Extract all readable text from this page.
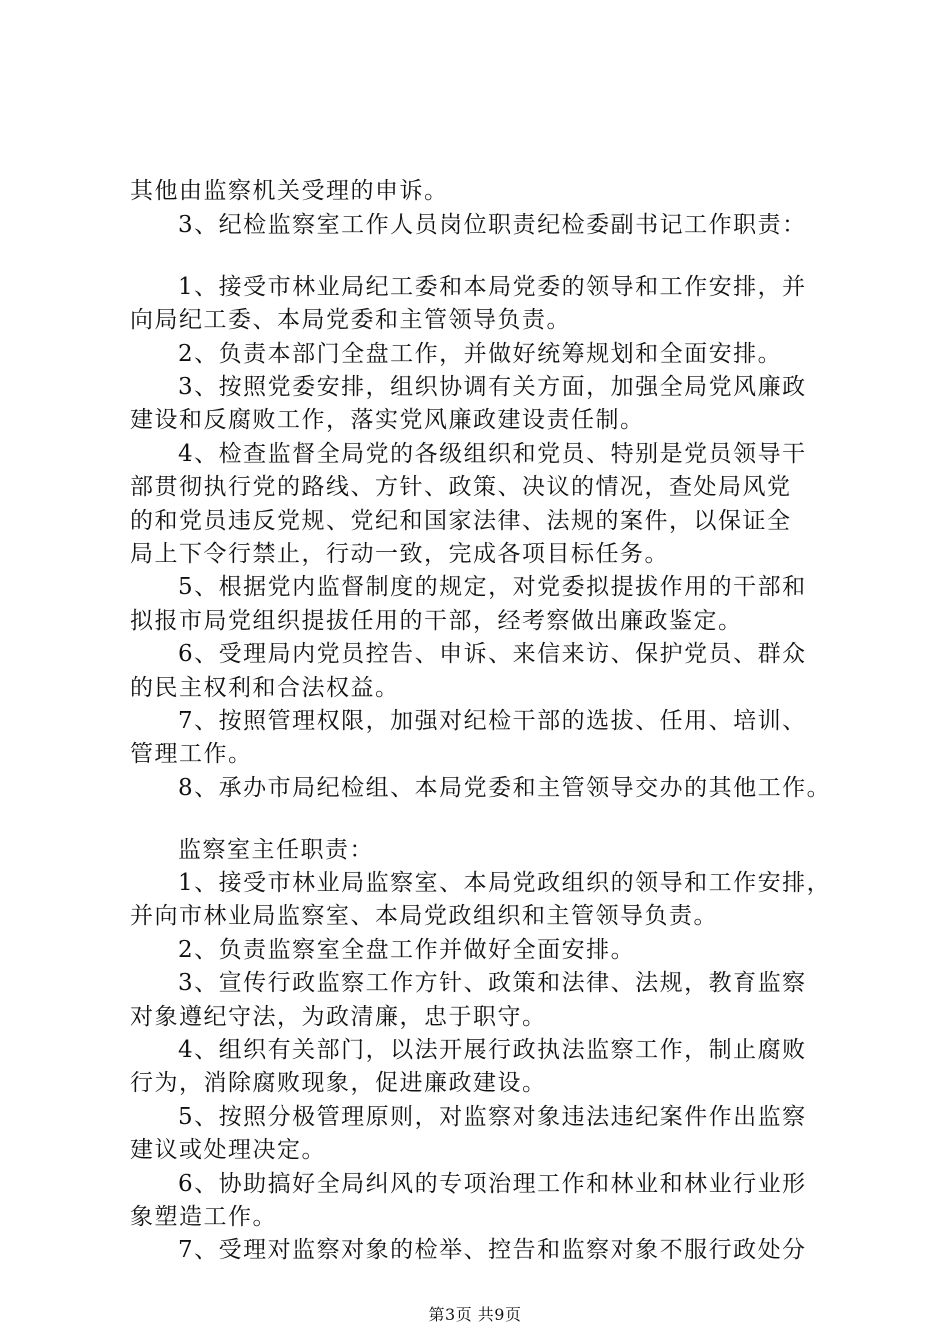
其他由监察机关受理的申诉。
3、纪检监察室工作人员岗位职责纪检委副书记工作职责：
1、接受市林业局纪工委和本局党委的领导和工作安排，并
向局纪工委、本局党委和主管领导负责。
2、负责本部门全盘工作，并做好统筹规划和全面安排。
3、按照党委安排，组织协调有关方面，加强全局党风廉政
建设和反腐败工作，落实党风廉政建设责任制。
4、检查监督全局党的各级组织和党员、特别是党员领导干
部贯彻执行党的路线、方针、政策、决议的情况，查处局风党
的和党员违反党规、党纪和国家法律、法规的案件，以保证全
局上下令行禁止，行动一致，完成各项目标任务。
5、根据党内监督制度的规定，对党委拟提拔作用的干部和
拟报市局党组织提拔任用的干部，经考察做出廉政鉴定。
6、受理局内党员控告、申诉、来信来访、保护党员、群众
的民主权利和合法权益。
7、按照管理权限，加强对纪检干部的选拔、任用、培训、
管理工作。
8、承办市局纪检组、本局党委和主管领导交办的其他工作。
监察室主任职责：
1、接受市林业局监察室、本局党政组织的领导和工作安排，
并向市林业局监察室、本局党政组织和主管领导负责。
2、负责监察室全盘工作并做好全面安排。
3、宣传行政监察工作方针、政策和法律、法规，教育监察
对象遵纪守法，为政清廉，忠于职守。
4、组织有关部门，以法开展行政执法监察工作，制止腐败
行为，消除腐败现象，促进廉政建设。
5、按照分极管理原则，对监察对象违法违纪案件作出监察
建议或处理决定。
6、协助搞好全局纠风的专项治理工作和林业和林业行业形
象塑造工作。
7、受理对监察对象的检举、控告和监察对象不服行政处分
第3页 共9页
